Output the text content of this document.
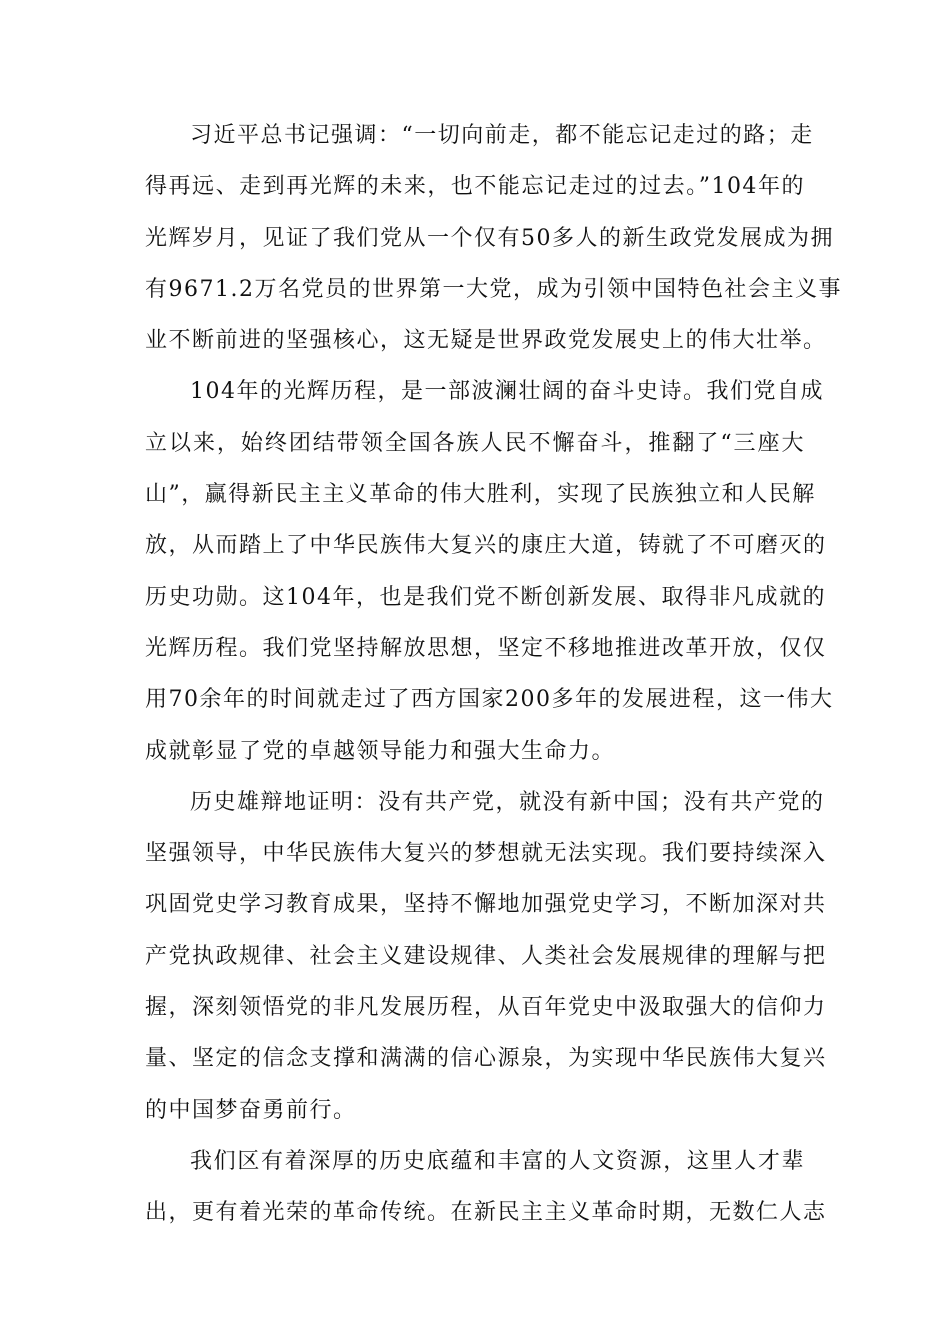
习近平总书记强调：“一切向前走，都不能忘记走过的路；走
得再远、走到再光辉的未来，也不能忘记走过的过去。”104年的
光辉岁月，见证了我们党从一个仅有50多人的新生政党发展成为拥
有9671.2万名党员的世界第一大党，成为引领中国特色社会主义事
业不断前进的坚强核心，这无疑是世界政党发展史上的伟大壮举。
104年的光辉历程，是一部波澜壮阔的奋斗史诗。我们党自成
立以来，始终团结带领全国各族人民不懈奋斗，推翻了“三座大
山”，赢得新民主主义革命的伟大胜利，实现了民族独立和人民解
放，从而踏上了中华民族伟大复兴的康庄大道，铸就了不可磨灭的
历史功勋。这104年，也是我们党不断创新发展、取得非凡成就的
光辉历程。我们党坚持解放思想，坚定不移地推进改革开放，仅仅
用70余年的时间就走过了西方国家200多年的发展进程，这一伟大
成就彰显了党的卓越领导能力和强大生命力。
历史雄辩地证明：没有共产党，就没有新中国；没有共产党的
坚强领导，中华民族伟大复兴的梦想就无法实现。我们要持续深入
巩固党史学习教育成果，坚持不懈地加强党史学习，不断加深对共
产党执政规律、社会主义建设规律、人类社会发展规律的理解与把
握，深刻领悟党的非凡发展历程，从百年党史中汲取强大的信仰力
量、坚定的信念支撑和满满的信心源泉，为实现中华民族伟大复兴
的中国梦奋勇前行。
我们区有着深厚的历史底蕴和丰富的人文资源，这里人才辈
出，更有着光荣的革命传统。在新民主主义革命时期，无数仁人志
